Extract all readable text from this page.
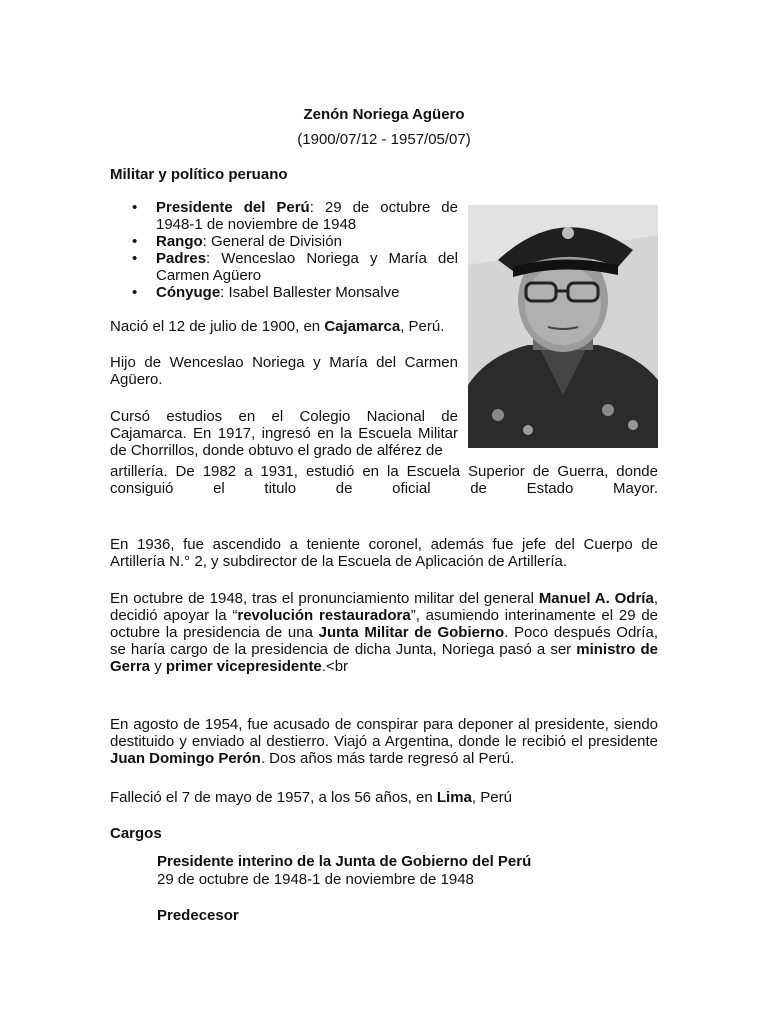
Zenón Noriega Agüero
(1900/07/12 - 1957/05/07)
Militar y político peruano
• Presidente del Perú: 29 de octubre de 1948-1 de noviembre de 1948
• Rango: General de División
• Padres: Wenceslao Noriega y María del Carmen Agüero
• Cónyuge: Isabel Ballester Monsalve
Nació el 12 de julio de 1900, en Cajamarca, Perú.
Hijo de Wenceslao Noriega y María del Carmen Agüero.
Cursó estudios en el Colegio Nacional de Cajamarca. En 1917, ingresó en la Escuela Militar de Chorrillos, donde obtuvo el grado de alférez de
artillería. De 1982 a 1931, estudió en la Escuela Superior de Guerra, donde consiguió el titulo de oficial de Estado Mayor.
En 1936, fue ascendido a teniente coronel, además fue jefe del Cuerpo de Artillería N.° 2, y subdirector de la Escuela de Aplicación de Artillería.
En octubre de 1948, tras el pronunciamiento militar del general Manuel A. Odría, decidió apoyar la “revolución restauradora”, asumiendo interinamente el 29 de octubre la presidencia de una Junta Militar de Gobierno. Poco después Odría, se haría cargo de la presidencia de dicha Junta, Noriega pasó a ser ministro de Gerra y primer vicepresidente.<br
En agosto de 1954, fue acusado de conspirar para deponer al presidente, siendo destituido y enviado al destierro. Viajó a Argentina, donde le recibió el presidente Juan Domingo Perón. Dos años más tarde regresó al Perú.
Falleció el 7 de mayo de 1957, a los 56 años, en Lima, Perú
Cargos
Presidente interino de la Junta de Gobierno del Perú
29 de octubre de 1948-1 de noviembre de 1948
Predecesor
